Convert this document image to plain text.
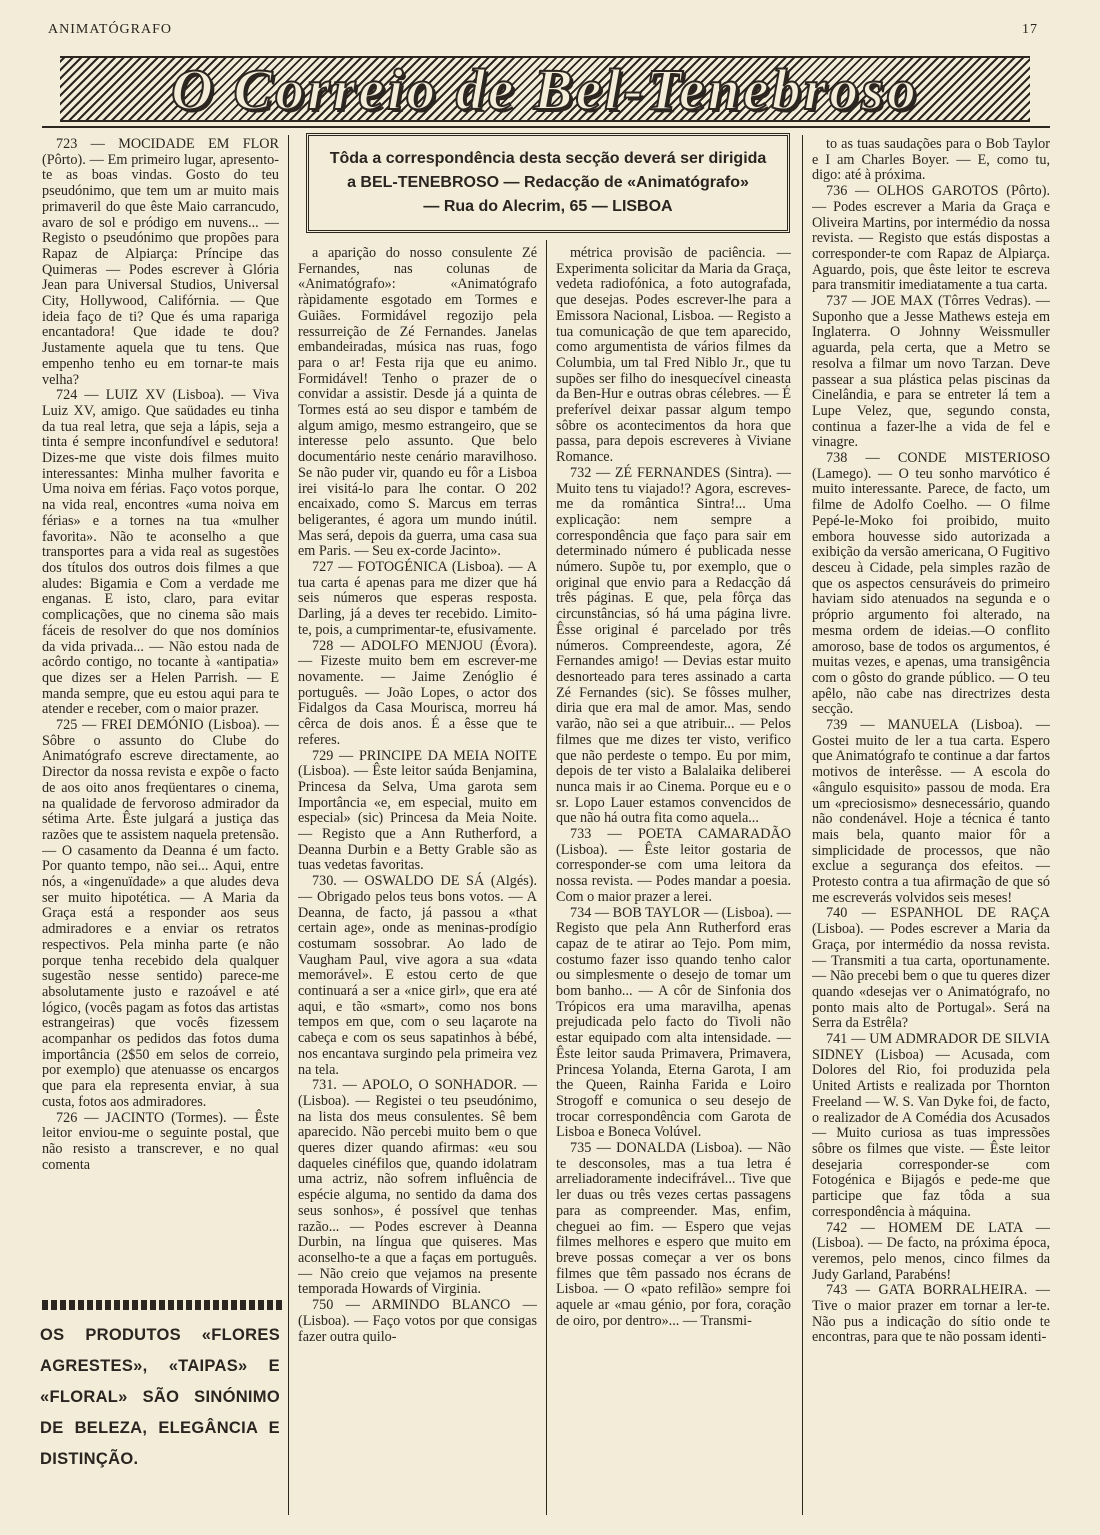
ANIMATÓGRAFO	17
O Correio de Bel-Tenebroso

723 — MOCIDADE EM FLOR (Pôrto). — Em primeiro lugar, apresento-te as boas vindas. Gosto do teu pseudónimo, que tem um ar muito mais primaveril do que êste Maio carrancudo, avaro de sol e pródigo em nuvens... — Registo o pseudónimo que propões para Rapaz de Alpiarça: Príncipe das Quimeras — Podes escrever à Glória Jean para Universal Studios, Universal City, Hollywood, Califórnia. — Que ideia faço de ti? Que és uma rapariga encantadora! Que idade te dou? Justamente aquela que tu tens. Que empenho tenho eu em tornar-te mais velha?

724 — LUIZ XV (Lisboa). — Viva Luiz XV, amigo. Que saüdades eu tinha da tua real letra, que seja a lápis, seja a tinta é sempre inconfundível e sedutora! Dizes-me que viste dois filmes muito interessantes: Minha mulher favorita e Uma noiva em férias. Faço votos porque, na vida real, encontres «uma noiva em férias» e a tornes na tua «mulher favorita». Não te aconselho a que transportes para a vida real as sugestões dos títulos dos outros dois filmes a que aludes: Bigamia e Com a verdade me enganas. E isto, claro, para evitar complicações, que no cinema são mais fáceis de resolver do que nos domínios da vida privada... — Não estou nada de acôrdo contigo, no tocante à «antipatia» que dizes ser a Helen Parrish. — E manda sempre, que eu estou aqui para te atender e receber, com o maior prazer.

725 — FREI DEMÓNIO (Lisboa). — Sôbre o assunto do Clube do Animatógrafo escreve directamente, ao Director da nossa revista e expõe o facto de aos oito anos freqüentares o cinema, na qualidade de fervoroso admirador da sétima Arte. Êste julgará a justiça das razões que te assistem naquela pretensão. — O casamento da Deanna é um facto. Por quanto tempo, não sei... Aqui, entre nós, a «ingenuïdade» a que aludes deva ser muito hipotética. — A Maria da Graça está a responder aos seus admiradores e a enviar os retratos respectivos. Pela minha parte (e não porque tenha recebido dela qualquer sugestão nesse sentido) parece-me absolutamente justo e razoável e até lógico, (vocês pagam as fotos das artistas estrangeiras) que vocês fizessem acompanhar os pedidos das fotos duma importância (2$50 em selos de correio, por exemplo) que atenuasse os encargos que para ela representa enviar, à sua custa, fotos aos admiradores.

726 — JACINTO (Tormes). — Êste leitor enviou-me o seguinte postal, que não resisto a transcrever, e no qual comenta

Tôda a correspondência desta secção deverá ser dirigida
a BEL-TENEBROSO — Redacção de «Animatógrafo»
— Rua do Alecrim, 65 — LISBOA

a aparição do nosso consulente Zé Fernandes, nas colunas de «Animatógrafo»: «Animatógrafo ràpidamente esgotado em Tormes e Guiães. Formidável regozijo pela ressurreição de Zé Fernandes. Janelas embandeiradas, música nas ruas, fogo para o ar! Festa rija que eu animo. Formidável! Tenho o prazer de o convidar a assistir. Desde já a quinta de Tormes está ao seu dispor e também de algum amigo, mesmo estrangeiro, que se interesse pelo assunto. Que belo documentário neste cenário maravilhoso. Se não puder vir, quando eu fôr a Lisboa irei visitá-lo para lhe contar. O 202 encaixado, como S. Marcus em terras beligerantes, é agora um mundo inútil. Mas será, depois da guerra, uma casa sua em Paris. — Seu ex-corde Jacinto».

727 — FOTOGÉNICA (Lisboa). — A tua carta é apenas para me dizer que há seis números que esperas resposta. Darling, já a deves ter recebido. Limito-te, pois, a cumprimentar-te, efusivamente.

728 — ADOLFO MENJOU (Évora). — Fizeste muito bem em escrever-me novamente. — Jaime Zenóglio é português. — João Lopes, o actor dos Fidalgos da Casa Mourisca, morreu há cêrca de dois anos. É a êsse que te referes.

729 — PRINCIPE DA MEIA NOITE (Lisboa). — Êste leitor saúda Benjamina, Princesa da Selva, Uma garota sem Importância «e, em especial, muito em especial» (sic) Princesa da Meia Noite. — Registo que a Ann Rutherford, a Deanna Durbin e a Betty Grable são as tuas vedetas favoritas.

730. — OSWALDO DE SÁ (Algés). — Obrigado pelos teus bons votos. — A Deanna, de facto, já passou a «that certain age», onde as meninas-prodígio costumam sossobrar. Ao lado de Vaugham Paul, vive agora a sua «data memorável». E estou certo de que continuará a ser a «nice girl», que era até aqui, e tão «smart», como nos bons tempos em que, com o seu laçarote na cabeça e com os seus sapatinhos à bébé, nos encantava surgindo pela primeira vez na tela.

731. — APOLO, O SONHADOR. — (Lisboa). — Registei o teu pseudónimo, na lista dos meus consulentes. Sê bem aparecido. Não percebi muito bem o que queres dizer quando afirmas: «eu sou daqueles cinéfilos que, quando idolatram uma actriz, não sofrem influência de espécie alguma, no sentido da dama dos seus sonhos», é possível que tenhas razão... — Podes escrever à Deanna Durbin, na língua que quiseres. Mas aconselho-te a que a faças em português. — Não creio que vejamos na presente temporada Howards of Virginia.

750 — ARMINDO BLANCO — (Lisboa). — Faço votos por que consigas fazer outra quilo-

métrica provisão de paciência. — Experimenta solicitar da Maria da Graça, vedeta radiofónica, a foto autografada, que desejas. Podes escrever-lhe para a Emissora Nacional, Lisboa. — Registo a tua comunicação de que tem aparecido, como argumentista de vários filmes da Columbia, um tal Fred Niblo Jr., que tu supões ser filho do inesquecível cineasta da Ben-Hur e outras obras célebres. — É preferível deixar passar algum tempo sôbre os acontecimentos da hora que passa, para depois escreveres à Viviane Romance.

732 — ZÉ FERNANDES (Sintra). — Muito tens tu viajado!? Agora, escreves-me da romântica Sintra!... Uma explicação: nem sempre a correspondência que faço para sair em determinado número é publicada nesse número. Supõe tu, por exemplo, que o original que envio para a Redacção dá três páginas. E que, pela fôrça das circunstâncias, só há uma página livre. Êsse original é parcelado por três números. Compreendeste, agora, Zé Fernandes amigo! — Devias estar muito desnorteado para teres assinado a carta Zé Fernandes (sic). Se fôsses mulher, diria que era mal de amor. Mas, sendo varão, não sei a que atribuir... — Pelos filmes que me dizes ter visto, verifico que não perdeste o tempo. Eu por mim, depois de ter visto a Balalaika deliberei nunca mais ir ao Cinema. Porque eu e o sr. Lopo Lauer estamos convencidos de que não há outra fita como aquela...

733 — POETA CAMARADÃO (Lisboa). — Êste leitor gostaria de corresponder-se com uma leitora da nossa revista. — Podes mandar a poesia. Com o maior prazer a lerei.

734 — BOB TAYLOR — (Lisboa). — Registo que pela Ann Rutherford eras capaz de te atirar ao Tejo. Pom mim, costumo fazer isso quando tenho calor ou simplesmente o desejo de tomar um bom banho... — A côr de Sinfonia dos Trópicos era uma maravilha, apenas prejudicada pelo facto do Tivoli não estar equipado com alta intensidade. — Êste leitor sauda Primavera, Primavera, Princesa Yolanda, Eterna Garota, I am the Queen, Rainha Farida e Loiro Strogoff e comunica o seu desejo de trocar correspondência com Garota de Lisboa e Boneca Volúvel.

735 — DONALDA (Lisboa). — Não te desconsoles, mas a tua letra é arreliadoramente indecifrável... Tive que ler duas ou três vezes certas passagens para as compreender. Mas, enfim, cheguei ao fim. — Espero que vejas filmes melhores e espero que muito em breve possas começar a ver os bons filmes que têm passado nos écrans de Lisboa. — O «pato refilão» sempre foi aquele ar «mau génio, por fora, coração de oiro, por dentro»... — Transmi-

to as tuas saudações para o Bob Taylor e I am Charles Boyer. — E, como tu, digo: até à próxima.

736 — OLHOS GAROTOS (Pôrto). — Podes escrever a Maria da Graça e Oliveira Martins, por intermédio da nossa revista. — Registo que estás dispostas a corresponder-te com Rapaz de Alpiarça. Aguardo, pois, que êste leitor te escreva para transmitir imediatamente a tua carta.

737 — JOE MAX (Tôrres Vedras). — Suponho que a Jesse Mathews esteja em Inglaterra. O Johnny Weissmuller aguarda, pela certa, que a Metro se resolva a filmar um novo Tarzan. Deve passear a sua plástica pelas piscinas da Cinelândia, e para se entreter lá tem a Lupe Velez, que, segundo consta, continua a fazer-lhe a vida de fel e vinagre.

738 — CONDE MISTERIOSO (Lamego). — O teu sonho marvótico é muito interessante. Parece, de facto, um filme de Adolfo Coelho. — O filme Pepé-le-Moko foi proibido, muito embora houvesse sido autorizada a exibição da versão americana, O Fugitivo desceu à Cidade, pela simples razão de que os aspectos censuráveis do primeiro haviam sido atenuados na segunda e o próprio argumento foi alterado, na mesma ordem de ideias.—O conflito amoroso, base de todos os argumentos, é muitas vezes, e apenas, uma transigência com o gôsto do grande público. — O teu apêlo, não cabe nas directrizes desta secção.

739 — MANUELA (Lisboa). — Gostei muito de ler a tua carta. Espero que Animatógrafo te continue a dar fartos motivos de interêsse. — A escola do «ângulo esquisito» passou de moda. Era um «preciosismo» desnecessário, quando não condenável. Hoje a técnica é tanto mais bela, quanto maior fôr a simplicidade de processos, que não exclue a segurança dos efeitos. — Protesto contra a tua afirmação de que só me escreverás volvidos seis meses!

740 — ESPANHOL DE RAÇA (Lisboa). — Podes escrever a Maria da Graça, por intermédio da nossa revista. — Transmiti a tua carta, oportunamente. — Não precebi bem o que tu queres dizer quando «desejas ver o Animatógrafo, no ponto mais alto de Portugal». Será na Serra da Estrêla?

741 — UM ADMRADOR DE SILVIA SIDNEY (Lisboa) — Acusada, com Dolores del Rio, foi produzida pela United Artists e realizada por Thornton Freeland — W. S. Van Dyke foi, de facto, o realizador de A Comédia dos Acusados — Muito curiosa as tuas impressões sôbre os filmes que viste. — Êste leitor desejaria corresponder-se com Fotogénica e Bijagós e pede-me que participe que faz tôda a sua correspondência à máquina.

742 — HOMEM DE LATA — (Lisboa). — De facto, na próxima época, veremos, pelo menos, cinco filmes da Judy Garland, Parabéns!

743 — GATA BORRALHEIRA. — Tive o maior prazer em tornar a ler-te. Não pus a indicação do sítio onde te encontras, para que te não possam identi-

OS PRODUTOS «FLORES AGRESTES», «TAIPAS» E «FLORAL» SÃO SINÓNIMO DE BELEZA, ELEGÂNCIA E DISTINÇÃO.
